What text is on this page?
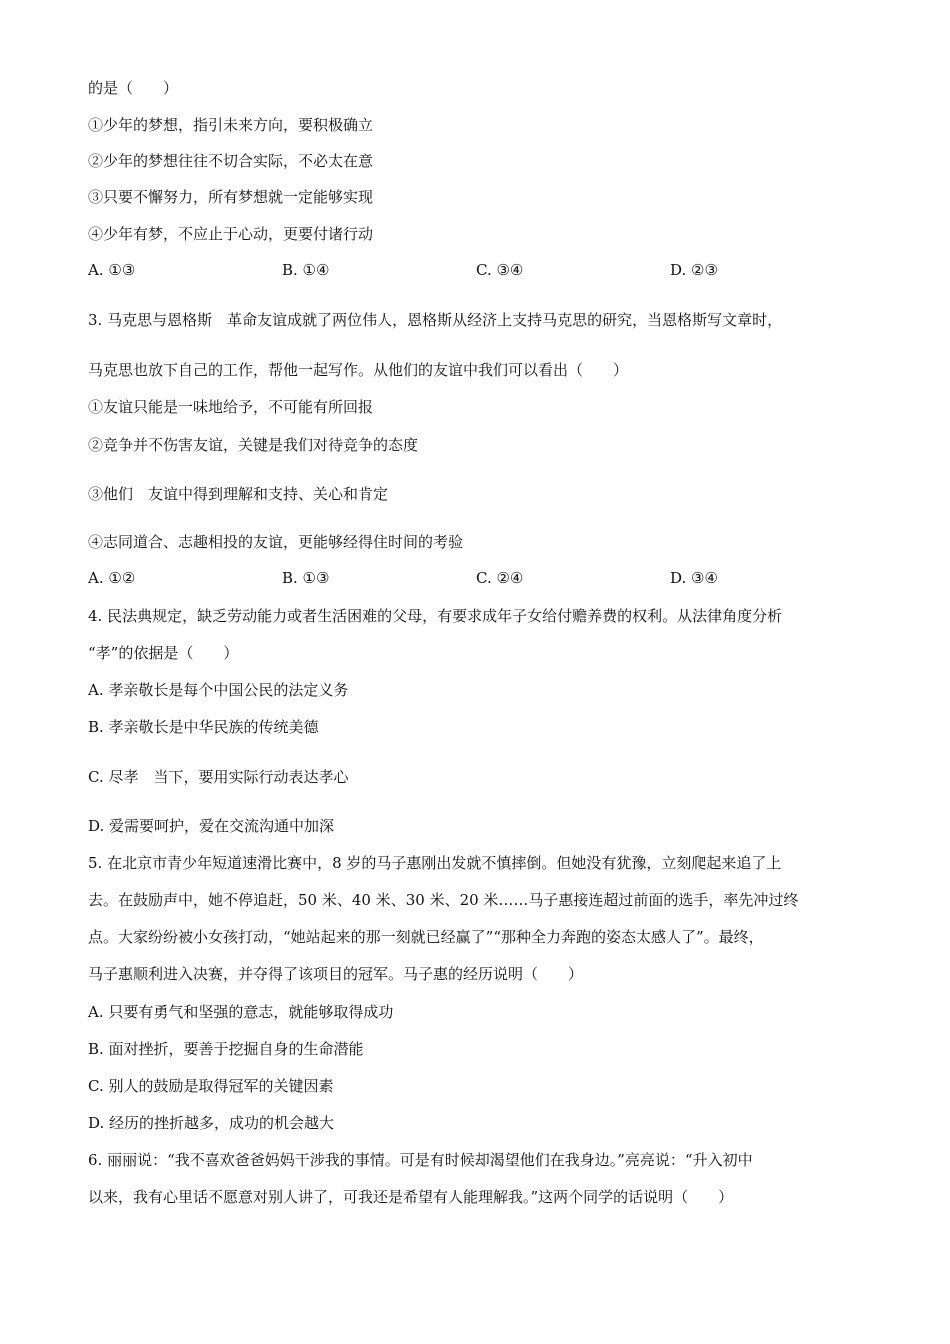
的是（　　）
①少年的梦想，指引未来方向，要积极确立
②少年的梦想往往不切合实际，不必太在意
③只要不懈努力，所有梦想就一定能够实现
④少年有梦，不应止于心动，更要付诸行动
A. ①③	B. ①④	C. ③④	D. ②③
3. 马克思与恩格斯　革命友谊成就了两位伟人，恩格斯从经济上支持马克思的研究，当恩格斯写文章时，
马克思也放下自己的工作，帮他一起写作。从他们的友谊中我们可以看出（　　）
①友谊只能是一味地给予，不可能有所回报
②竞争并不伤害友谊，关键是我们对待竞争的态度
③他们　友谊中得到理解和支持、关心和肯定
④志同道合、志趣相投的友谊，更能够经得住时间的考验
A. ①②	B. ①③	C. ②④	D. ③④
4. 民法典规定，缺乏劳动能力或者生活困难的父母，有要求成年子女给付赡养费的权利。从法律角度分析
“孝”的依据是（　　）
A. 孝亲敬长是每个中国公民的法定义务
B. 孝亲敬长是中华民族的传统美德
C. 尽孝　当下，要用实际行动表达孝心
D. 爱需要呵护，爱在交流沟通中加深
5. 在北京市青少年短道速滑比赛中，8 岁的马子惠刚出发就不慎摔倒。但她没有犹豫，立刻爬起来追了上
去。在鼓励声中，她不停追赶，50 米、40 米、30 米、20 米……马子惠接连超过前面的选手，率先冲过终
点。大家纷纷被小女孩打动，“她站起来的那一刻就已经赢了”“那种全力奔跑的姿态太感人了”。最终，
马子惠顺利进入决赛，并夺得了该项目的冠军。马子惠的经历说明（　　）
A. 只要有勇气和坚强的意志，就能够取得成功
B. 面对挫折，要善于挖掘自身的生命潜能
C. 别人的鼓励是取得冠军的关键因素
D. 经历的挫折越多，成功的机会越大
6. 丽丽说：“我不喜欢爸爸妈妈干涉我的事情。可是有时候却渴望他们在我身边。”亮亮说：“升入初中
以来，我有心里话不愿意对别人讲了，可我还是希望有人能理解我。”这两个同学的话说明（　　）
